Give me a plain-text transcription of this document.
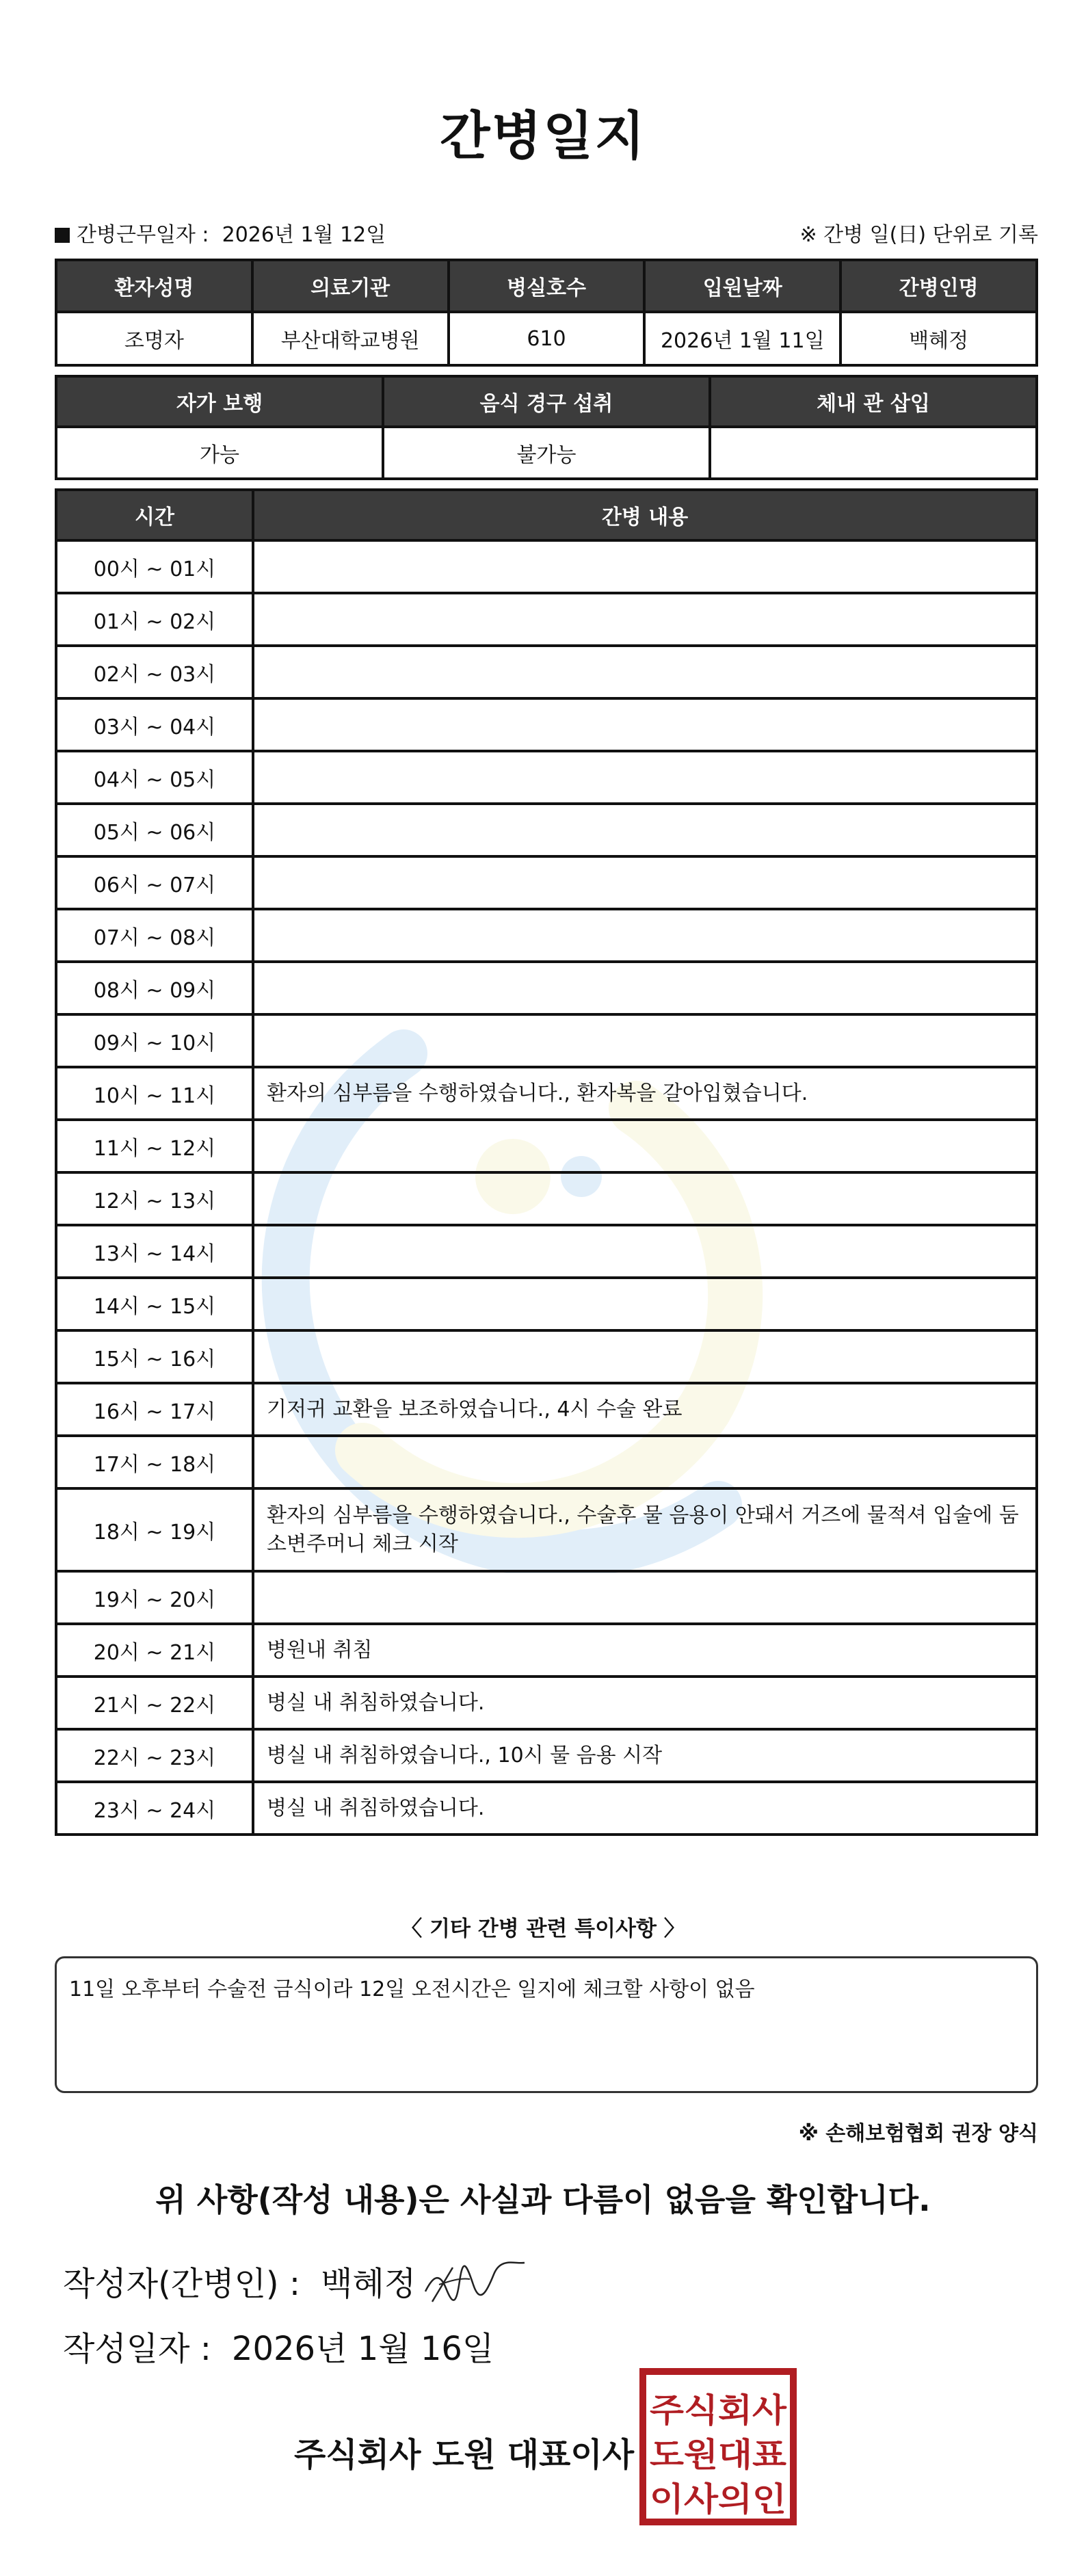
간병일지
간병근무일자 :  2026년 1월 12일	※ 간병 일(日) 단위로 기록
환자성명	의료기관	병실호수	입원날짜	간병인명
조명자	부산대학교병원	610	2026년 1월 11일	백혜정
자가 보행	음식 경구 섭취	체내 관 삽입
가능	불가능	
시간	간병 내용
00시 ~ 01시	
01시 ~ 02시	
02시 ~ 03시	
03시 ~ 04시	
04시 ~ 05시	
05시 ~ 06시	
06시 ~ 07시	
07시 ~ 08시	
08시 ~ 09시	
09시 ~ 10시	
10시 ~ 11시	환자의 심부름을 수행하였습니다., 환자복을 갈아입혔습니다.
11시 ~ 12시	
12시 ~ 13시	
13시 ~ 14시	
14시 ~ 15시	
15시 ~ 16시	
16시 ~ 17시	기저귀 교환을 보조하였습니다., 4시 수술 완료
17시 ~ 18시	
18시 ~ 19시	환자의 심부름을 수행하였습니다., 수술후 물 음용이 안돼서 거즈에 물적셔 입술에 둠
소변주머니 체크 시작

19시 ~ 20시	
20시 ~ 21시	병원내 취침
21시 ~ 22시	병실 내 취침하였습니다.
22시 ~ 23시	병실 내 취침하였습니다., 10시 물 음용 시작
23시 ~ 24시	병실 내 취침하였습니다.
〈 기타 간병 관련 특이사항 〉
11일 오후부터 수술전 금식이라 12일 오전시간은 일지에 체크할 사항이 없음
※ 손해보험협회 권장 양식
위 사항(작성 내용)은 사실과 다름이 없음을 확인합니다.
작성자(간병인) : 백혜정
작성일자 : 2026년 1월 16일
주식회사 도원 대표이사
주식회사
도원대표
이사의인
